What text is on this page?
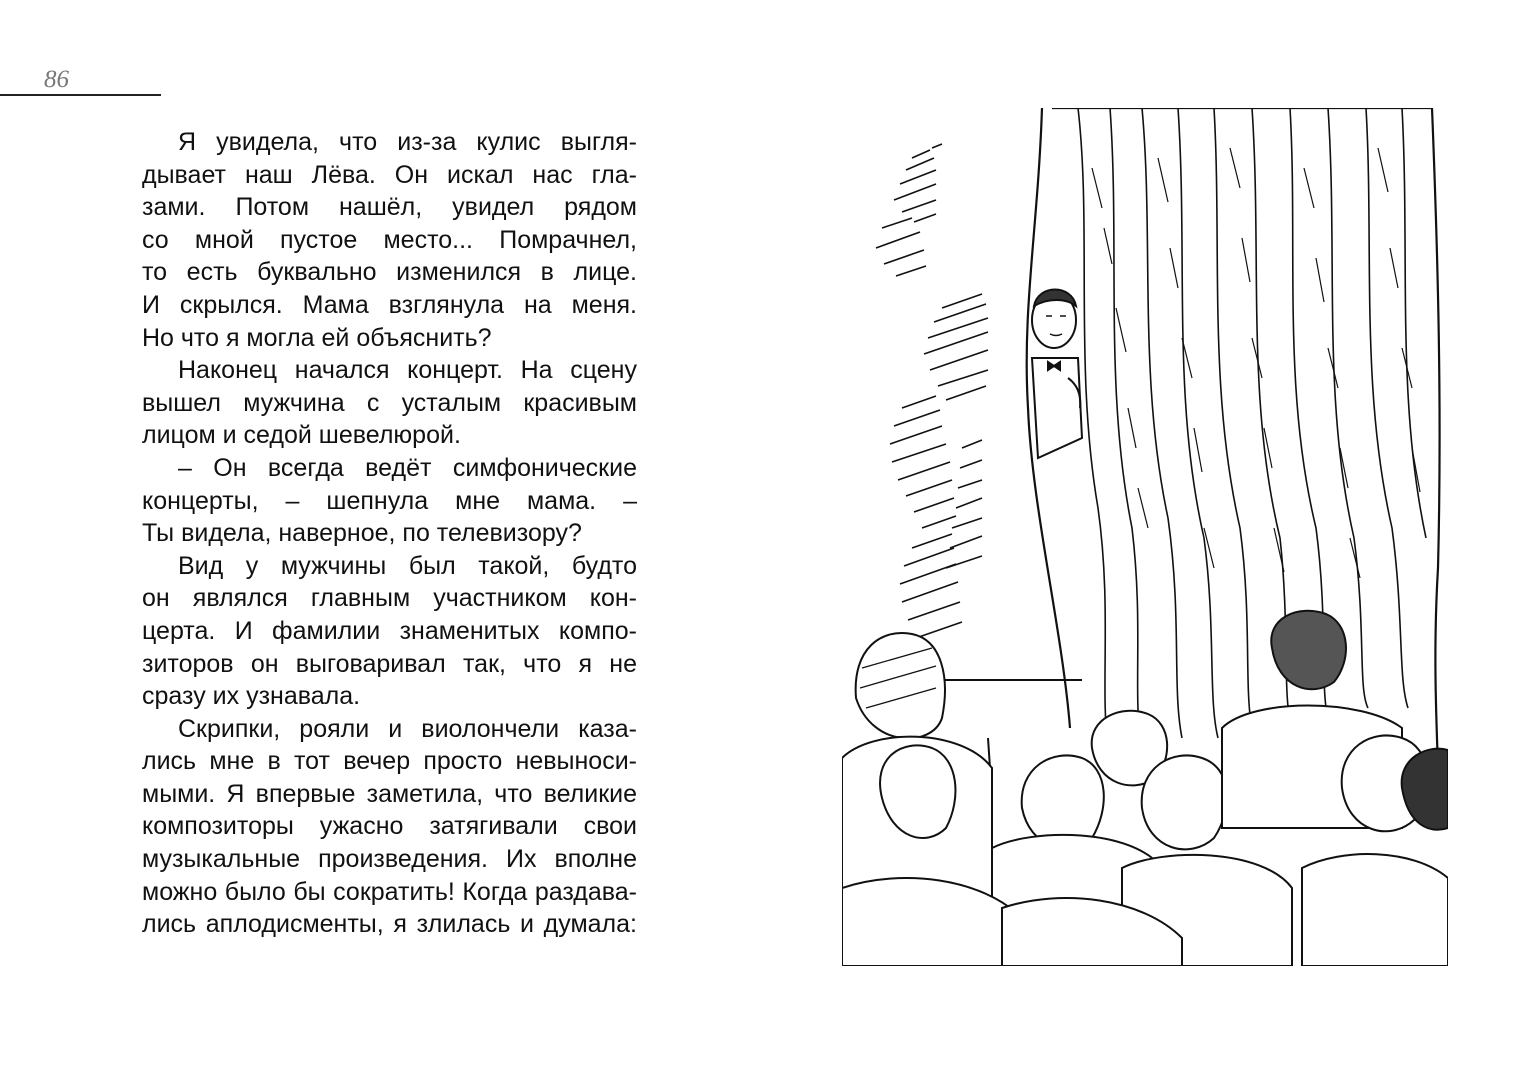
86
Я увидела, что из-за кулис выгля-
дывает наш Лёва. Он искал нас гла-
зами. Потом нашёл, увидел рядом
со мной пустое место... Помрачнел,
то есть буквально изменился в лице.
И скрылся. Мама взглянула на меня.
Но что я могла ей объяснить?
Наконец начался концерт. На сцену
вышел мужчина с усталым красивым
лицом и седой шевелюрой.
– Он всегда ведёт симфонические
концерты, – шепнула мне мама. –
Ты видела, наверное, по телевизору?
Вид у мужчины был такой, будто
он являлся главным участником кон-
церта. И фамилии знаменитых компо-
зиторов он выговаривал так, что я не
сразу их узнавала.
Скрипки, рояли и виолончели каза-
лись мне в тот вечер просто невыноси-
мыми. Я впервые заметила, что великие
композиторы ужасно затягивали свои
музыкальные произведения. Их вполне
можно было бы сократить! Когда раздава-
лись аплодисменты, я злилась и думала:
